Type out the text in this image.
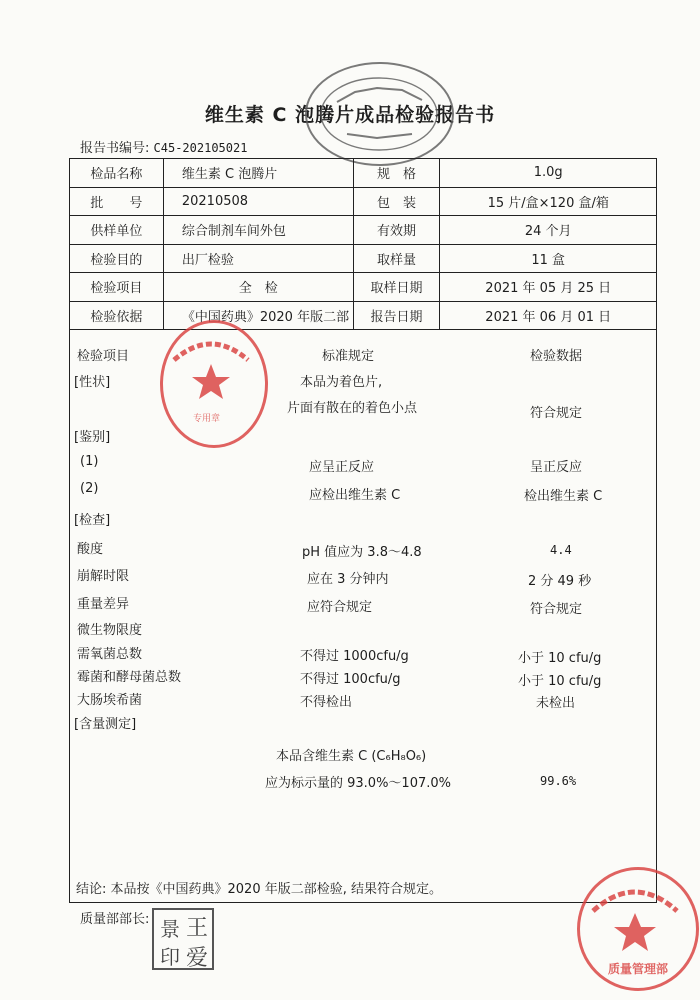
维生素 C 泡腾片成品检验报告书
报告书编号: C45-202105021
检品名称	维生素 C 泡腾片	规　格	1.0g
批　　号	20210508	包　装	15 片/盒×120 盒/箱
供样单位	综合制剂车间外包	有效期	24 个月
检验目的	出厂检验	取样量	11 盒
检验项目	全　检	取样日期	2021 年 05 月 25 日
检验依据	《中国药典》2020 年版二部	报告日期	2021 年 06 月 01 日
检验项目	标准规定	检验数据
[性状]	本品为着色片,
片面有散在的着色小点	符合规定
[鉴别]
(1)	应呈正反应	呈正反应
(2)	应检出维生素 C	检出维生素 C
[检查]
酸度	pH 值应为 3.8～4.8	4.4
崩解时限	应在 3 分钟内	2 分 49 秒
重量差异	应符合规定	符合规定
微生物限度
需氧菌总数	不得过 1000cfu/g	小于 10 cfu/g
霉菌和酵母菌总数	不得过 100cfu/g	小于 10 cfu/g
大肠埃希菌	不得检出	未检出
[含量测定]
本品含维生素 C (C₆H₈O₆)
应为标示量的 93.0%～107.0%	99.6%
结论: 本品按《中国药典》2020 年版二部检验, 结果符合规定。
质量部部长: 景 王
印 爱
专用章
质量管理部
